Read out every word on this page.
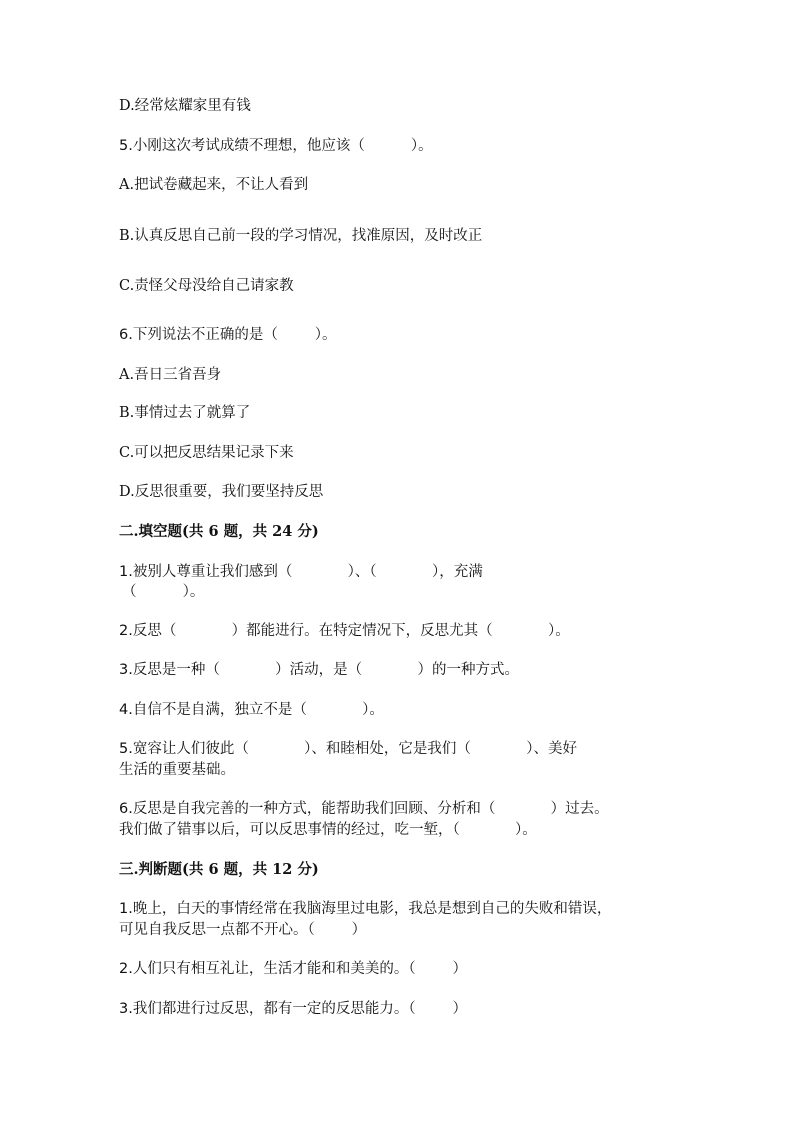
D.经常炫耀家里有钱
5.小刚这次考试成绩不理想，他应该（          ）。
A.把试卷藏起来，不让人看到
B.认真反思自己前一段的学习情况，找准原因，及时改正
C.责怪父母没给自己请家教
6.下列说法不正确的是（        ）。
A.吾日三省吾身
B.事情过去了就算了
C.可以把反思结果记录下来
D.反思很重要，我们要坚持反思
二.填空题(共 6 题，共 24 分)
1.被别人尊重让我们感到（            ）、（            ），充满
（          ）。
2.反思（            ）都能进行。在特定情况下，反思尤其（            ）。
3.反思是一种（            ）活动，是（            ）的一种方式。
4.自信不是自满，独立不是（            ）。
5.宽容让人们彼此（            ）、和睦相处，它是我们（            ）、美好
生活的重要基础。
6.反思是自我完善的一种方式，能帮助我们回顾、分析和（            ）过去。
我们做了错事以后，可以反思事情的经过，吃一堑，（            ）。
三.判断题(共 6 题，共 12 分)
1.晚上，白天的事情经常在我脑海里过电影，我总是想到自己的失败和错误，
可见自我反思一点都不开心。（        ）
2.人们只有相互礼让，生活才能和和美美的。（        ）
3.我们都进行过反思，都有一定的反思能力。（        ）
